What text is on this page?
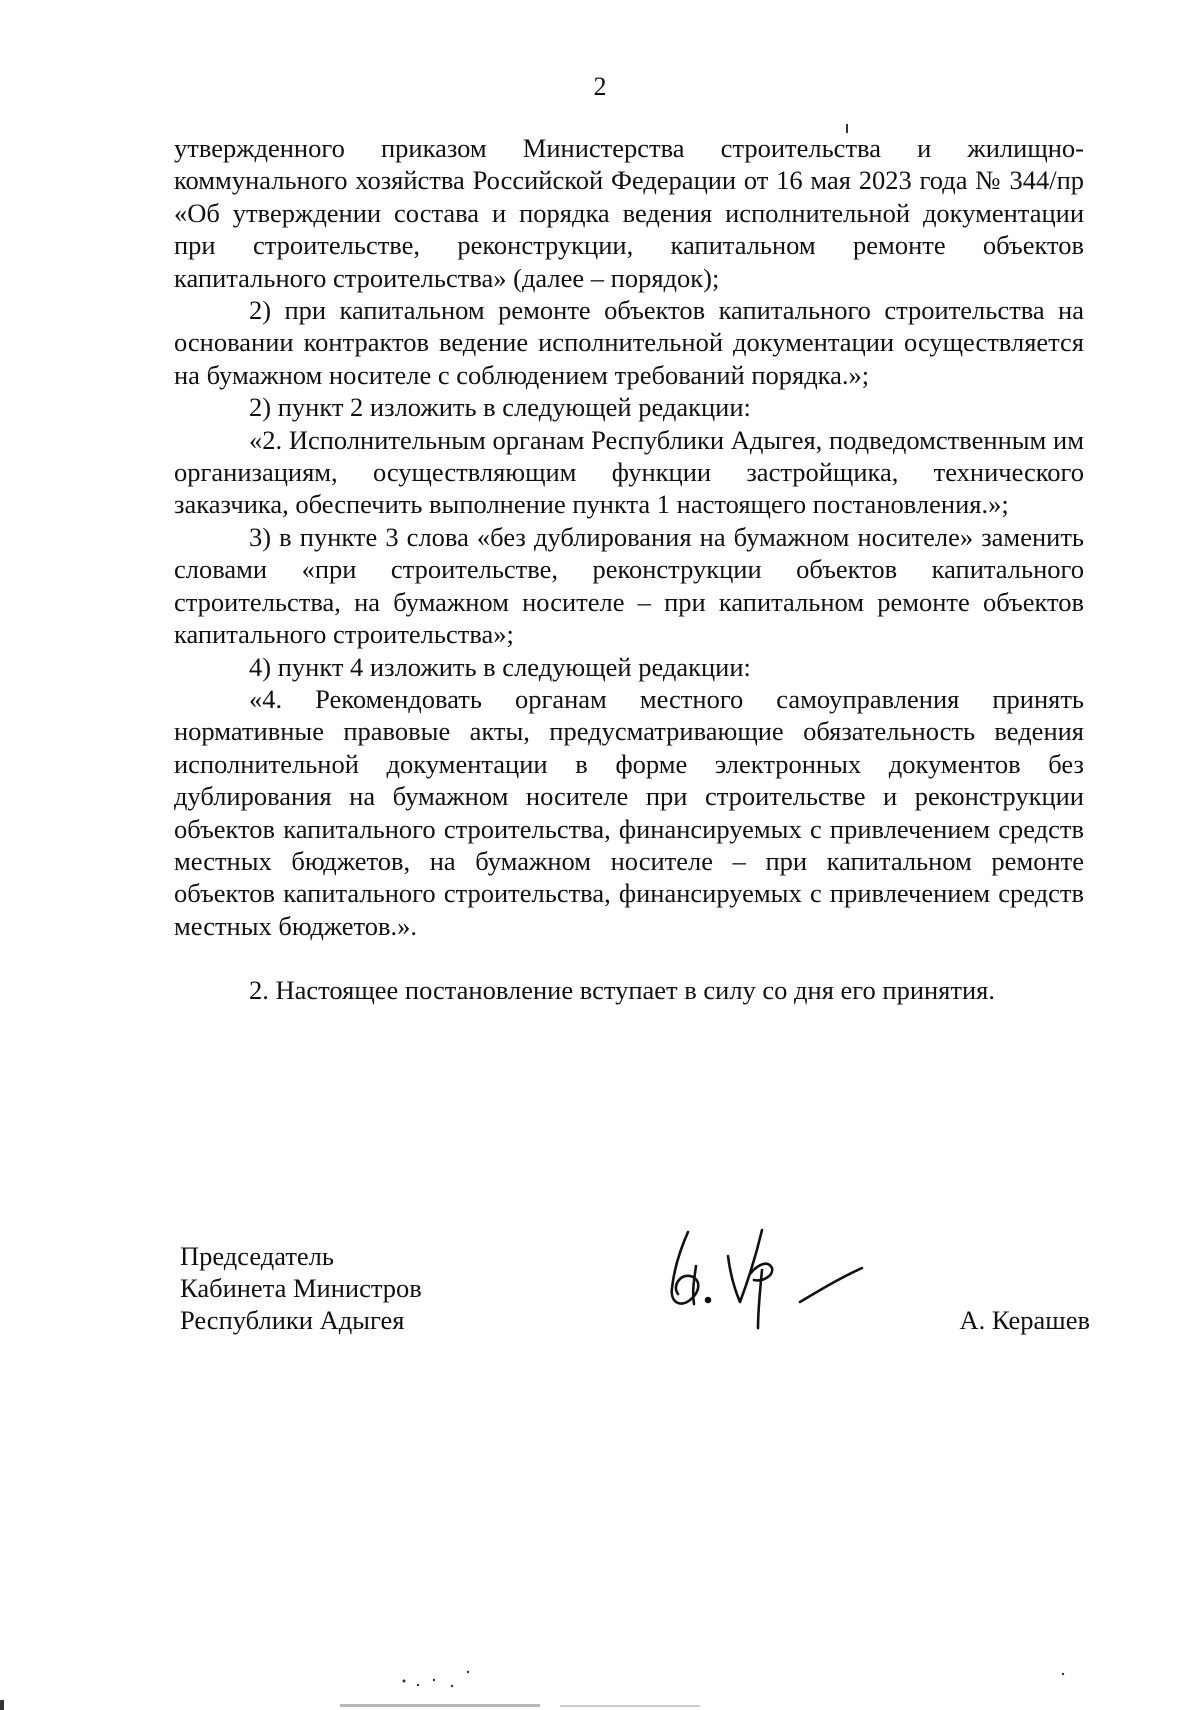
2

утвержденного приказом Министерства строительства и жилищно-коммунального хозяйства Российской Федерации от 16 мая 2023 года № 344/пр «Об утверждении состава и порядка ведения исполнительной документации при строительстве, реконструкции, капитальном ремонте объектов капитального строительства» (далее – порядок);

2) при капитальном ремонте объектов капитального строительства на основании контрактов ведение исполнительной документации осуществляется на бумажном носителе с соблюдением требований порядка.»;

2) пункт 2 изложить в следующей редакции:

«2. Исполнительным органам Республики Адыгея, подведомственным им организациям, осуществляющим функции застройщика, технического заказчика, обеспечить выполнение пункта 1 настоящего постановления.»;

3) в пункте 3 слова «без дублирования на бумажном носителе» заменить словами «при строительстве, реконструкции объектов капитального строительства, на бумажном носителе – при капитальном ремонте объектов капитального строительства»;

4) пункт 4 изложить в следующей редакции:

«4. Рекомендовать органам местного самоуправления принять нормативные правовые акты, предусматривающие обязательность ведения исполнительной документации в форме электронных документов без дублирования на бумажном носителе при строительстве и реконструкции объектов капитального строительства, финансируемых с привлечением средств местных бюджетов, на бумажном носителе – при капитальном ремонте объектов капитального строительства, финансируемых с привлечением средств местных бюджетов.».

2. Настоящее постановление вступает в силу со дня его принятия.

Председатель
Кабинета Министров
Республики Адыгея	А. Керашев
